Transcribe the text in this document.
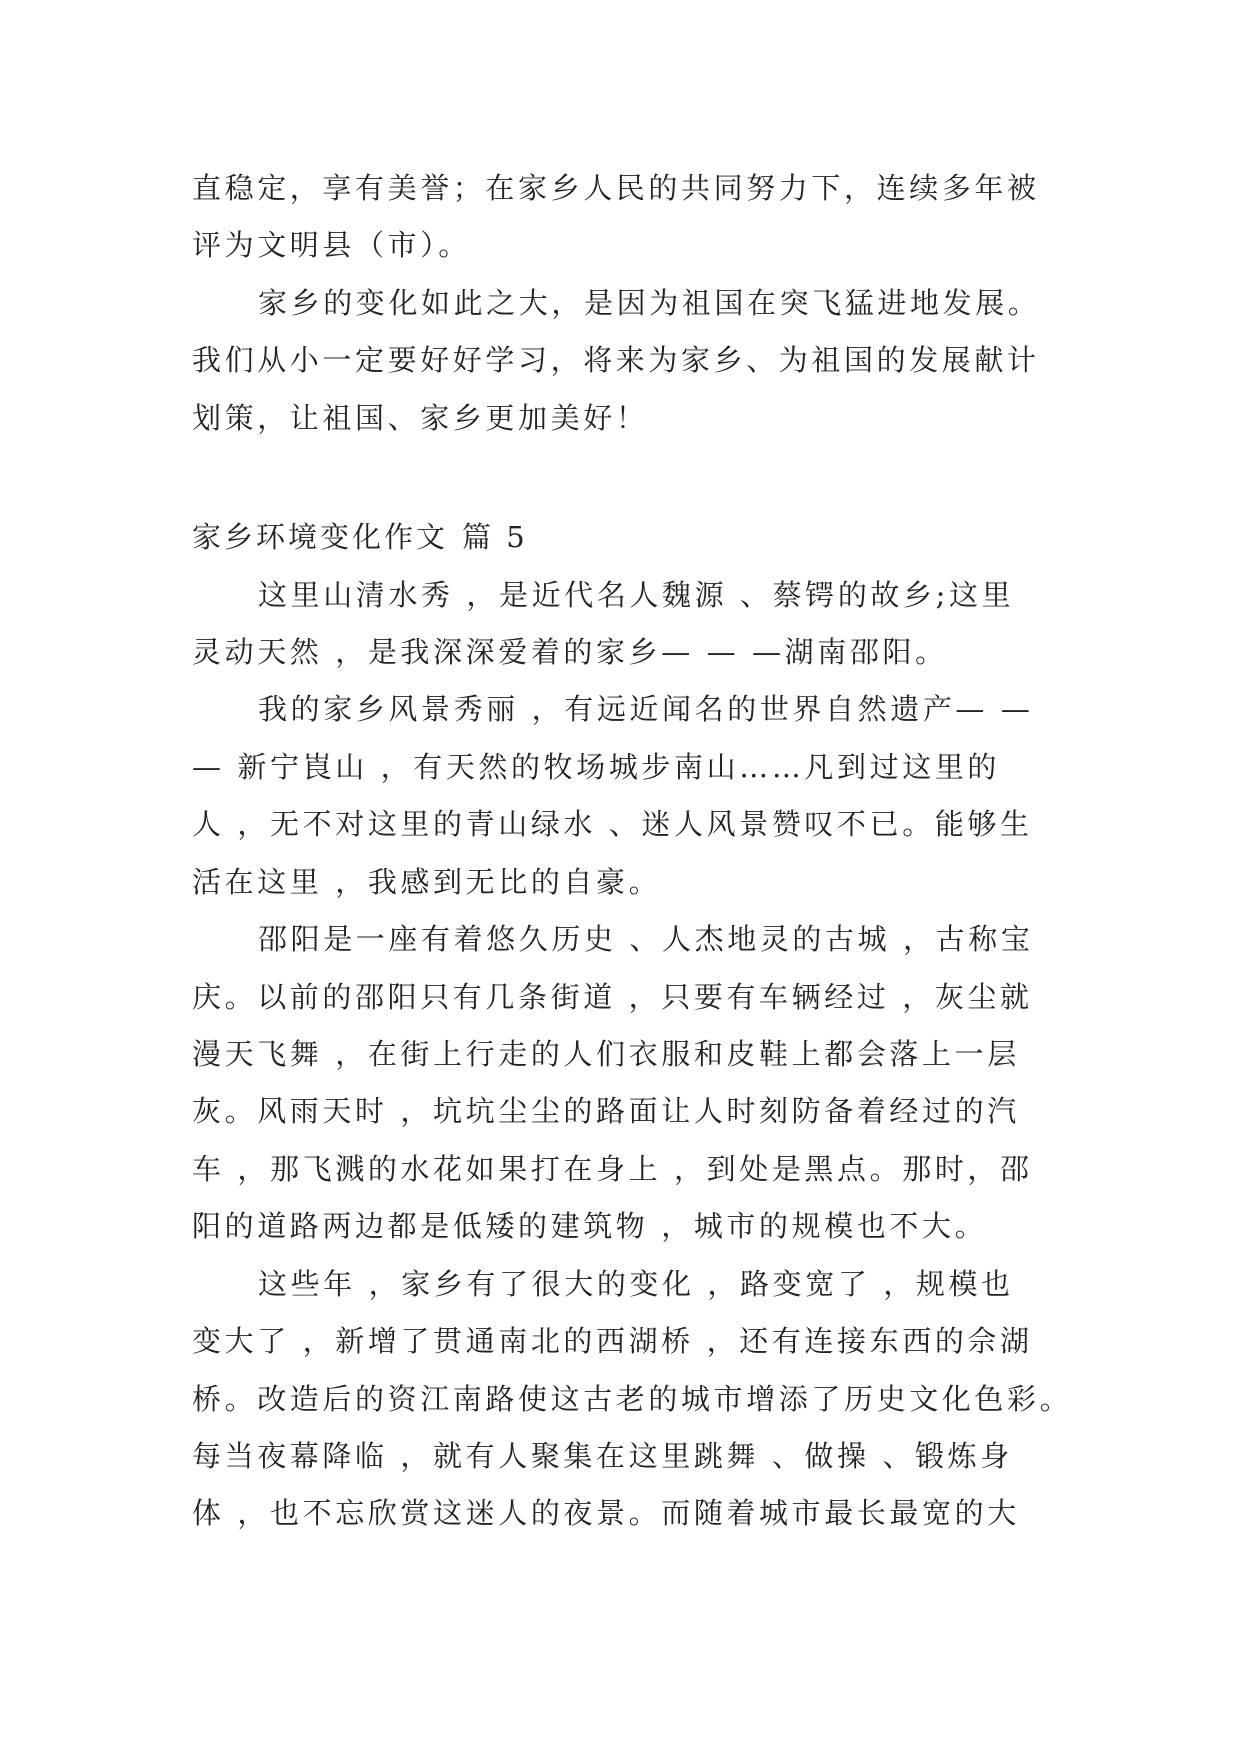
直稳定，享有美誉；在家乡人民的共同努力下，连续多年被

评为文明县（市）。

家乡的变化如此之大，是因为祖国在突飞猛进地发展。

我们从小一定要好好学习，将来为家乡、为祖国的发展献计

划策，让祖国、家乡更加美好！

家乡环境变化作文 篇 5

这里山清水秀 ，是近代名人魏源 、蔡锷的故乡;这里

灵动天然 ，是我深深爱着的家乡— — —湖南邵阳。

我的家乡风景秀丽 ，有远近闻名的世界自然遗产— —

— 新宁崀山 ，有天然的牧场城步南山……凡到过这里的

人 ，无不对这里的青山绿水 、迷人风景赞叹不已。能够生

活在这里 ，我感到无比的自豪。

邵阳是一座有着悠久历史 、人杰地灵的古城 ，古称宝

庆。以前的邵阳只有几条街道 ，只要有车辆经过 ，灰尘就

漫天飞舞 ，在街上行走的人们衣服和皮鞋上都会落上一层

灰。风雨天时 ，坑坑尘尘的路面让人时刻防备着经过的汽

车 ，那飞溅的水花如果打在身上 ，到处是黑点。那时，邵

阳的道路两边都是低矮的建筑物 ，城市的规模也不大。

这些年 ，家乡有了很大的变化 ，路变宽了 ，规模也

变大了 ，新增了贯通南北的西湖桥 ，还有连接东西的佘湖

桥。改造后的资江南路使这古老的城市增添了历史文化色彩。

每当夜幕降临 ，就有人聚集在这里跳舞 、做操 、锻炼身

体 ，也不忘欣赏这迷人的夜景。而随着城市最长最宽的大
